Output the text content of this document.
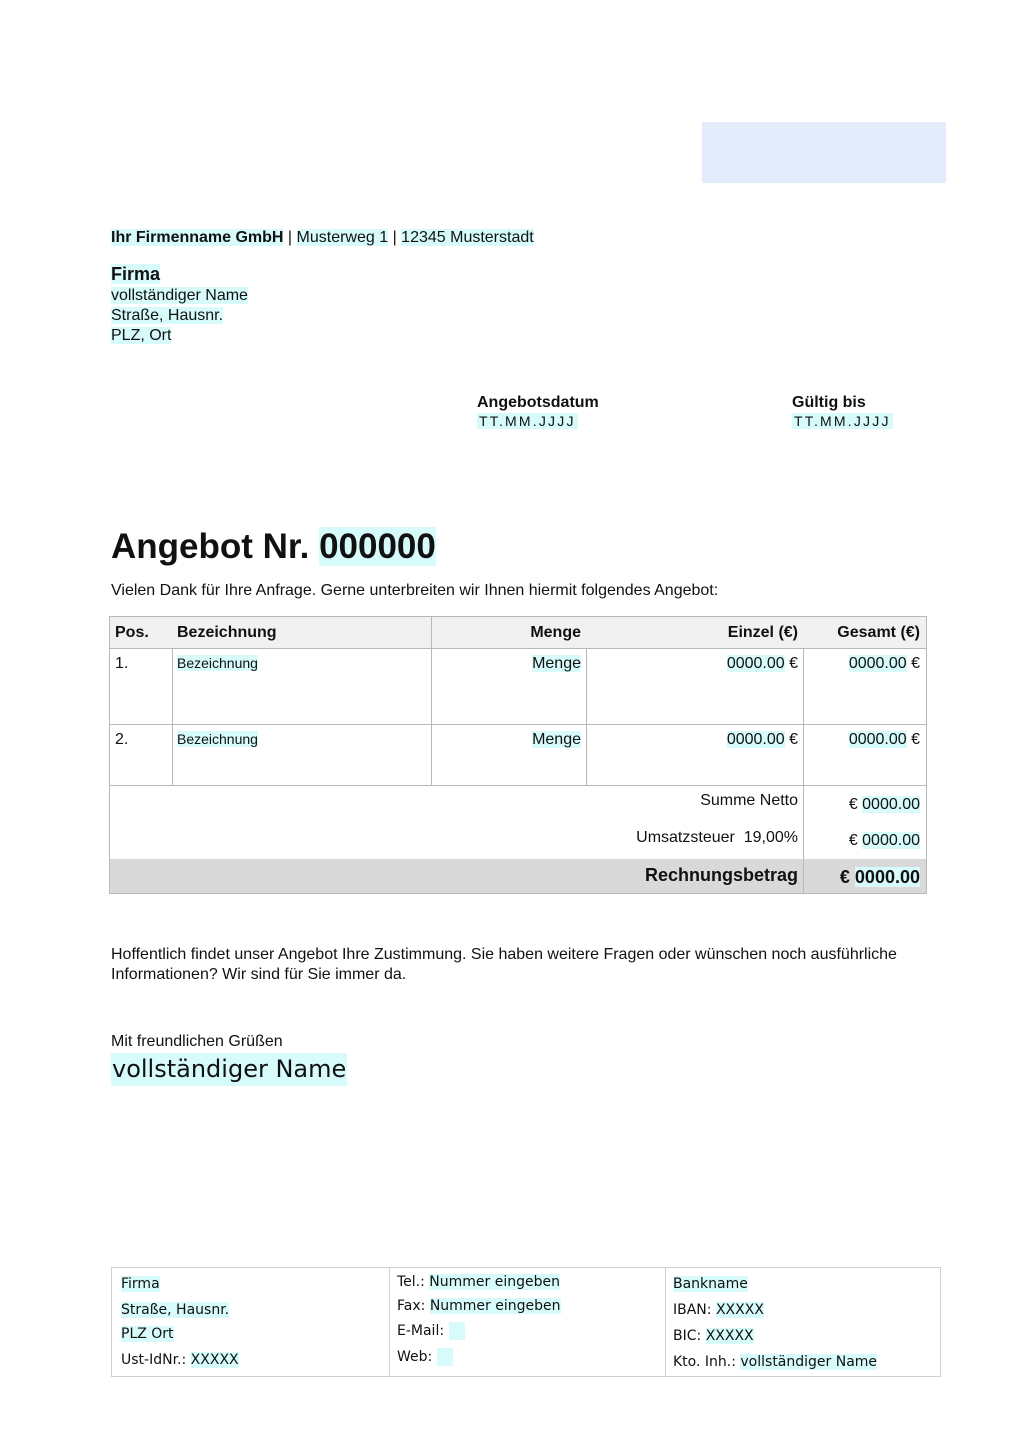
Ihr Firmenname GmbH | Musterweg 1 | 12345 Musterstadt
Firma
vollständiger Name
Straße, Hausnr.
PLZ, Ort
Angebotsdatum
TT.MM.JJJJ
Gültig bis
TT.MM.JJJJ
Angebot Nr. 000000
Vielen Dank für Ihre Anfrage. Gerne unterbreiten wir Ihnen hiermit folgendes Angebot:
Pos. Bezeichnung	Menge	Einzel (€) Gesamt (€)
1.	Bezeichnung	Menge	0000.00 €	0000.00 €
2.	Bezeichnung	Menge	0000.00 €	0000.00 €
Summe Netto	€ 0000.00
Umsatzsteuer  19,00%	€ 0000.00
Rechnungsbetrag € 0000.00
Hoffentlich findet unser Angebot Ihre Zustimmung. Sie haben weitere Fragen oder wünschen noch ausführliche Informationen? Wir sind für Sie immer da.
Mit freundlichen Grüßen
vollständiger Name
Firma
Straße, Hausnr.
PLZ Ort
Ust-IdNr.: XXXXX
Tel.: Nummer eingeben
Fax: Nummer eingeben
E-Mail:
Web:
Bankname
IBAN: XXXXX
BIC: XXXXX
Kto. Inh.: vollständiger Name
